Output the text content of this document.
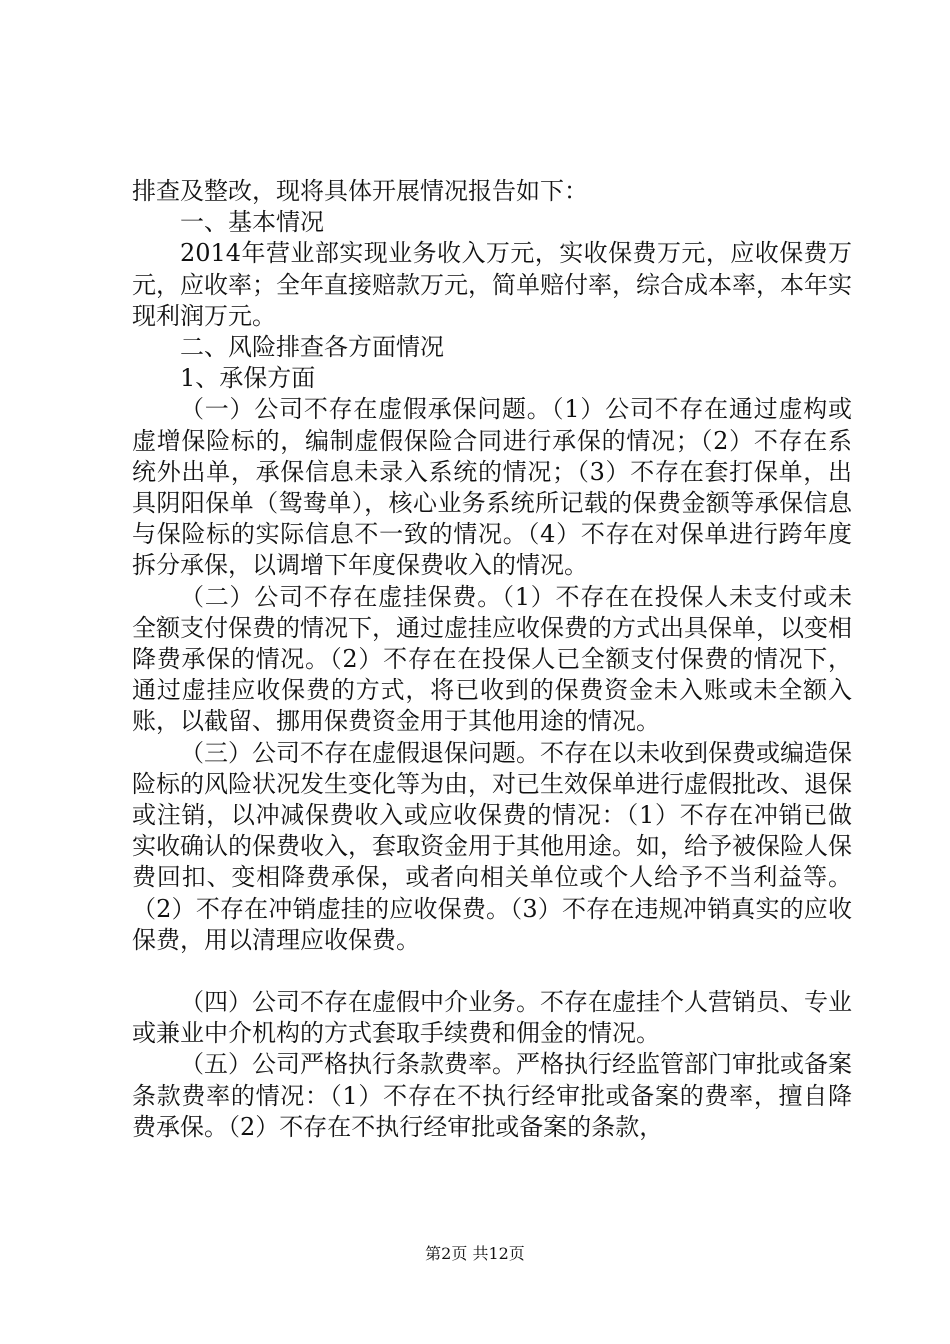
排查及整改，现将具体开展情况报告如下：

一、基本情况

2014年营业部实现业务收入万元，实收保费万元，应收保费万元，应收率；全年直接赔款万元，简单赔付率，综合成本率，本年实现利润万元。

二、风险排查各方面情况

1、承保方面

（一）公司不存在虚假承保问题。（1）公司不存在通过虚构或虚增保险标的，编制虚假保险合同进行承保的情况；（2）不存在系统外出单，承保信息未录入系统的情况；（3）不存在套打保单，出具阴阳保单（鸳鸯单），核心业务系统所记载的保费金额等承保信息与保险标的实际信息不一致的情况。（4）不存在对保单进行跨年度拆分承保，以调增下年度保费收入的情况。

（二）公司不存在虚挂保费。（1）不存在在投保人未支付或未全额支付保费的情况下，通过虚挂应收保费的方式出具保单，以变相降费承保的情况。（2）不存在在投保人已全额支付保费的情况下，通过虚挂应收保费的方式，将已收到的保费资金未入账或未全额入账，以截留、挪用保费资金用于其他用途的情况。

（三）公司不存在虚假退保问题。不存在以未收到保费或编造保险标的风险状况发生变化等为由，对已生效保单进行虚假批改、退保或注销，以冲减保费收入或应收保费的情况：（1）不存在冲销已做实收确认的保费收入，套取资金用于其他用途。如，给予被保险人保费回扣、变相降费承保，或者向相关单位或个人给予不当利益等。（2）不存在冲销虚挂的应收保费。（3）不存在违规冲销真实的应收保费，用以清理应收保费。

（四）公司不存在虚假中介业务。不存在虚挂个人营销员、专业或兼业中介机构的方式套取手续费和佣金的情况。

（五）公司严格执行条款费率。严格执行经监管部门审批或备案条款费率的情况：（1）不存在不执行经审批或备案的费率，擅自降费承保。（2）不存在不执行经审批或备案的条款，

第2页 共12页
